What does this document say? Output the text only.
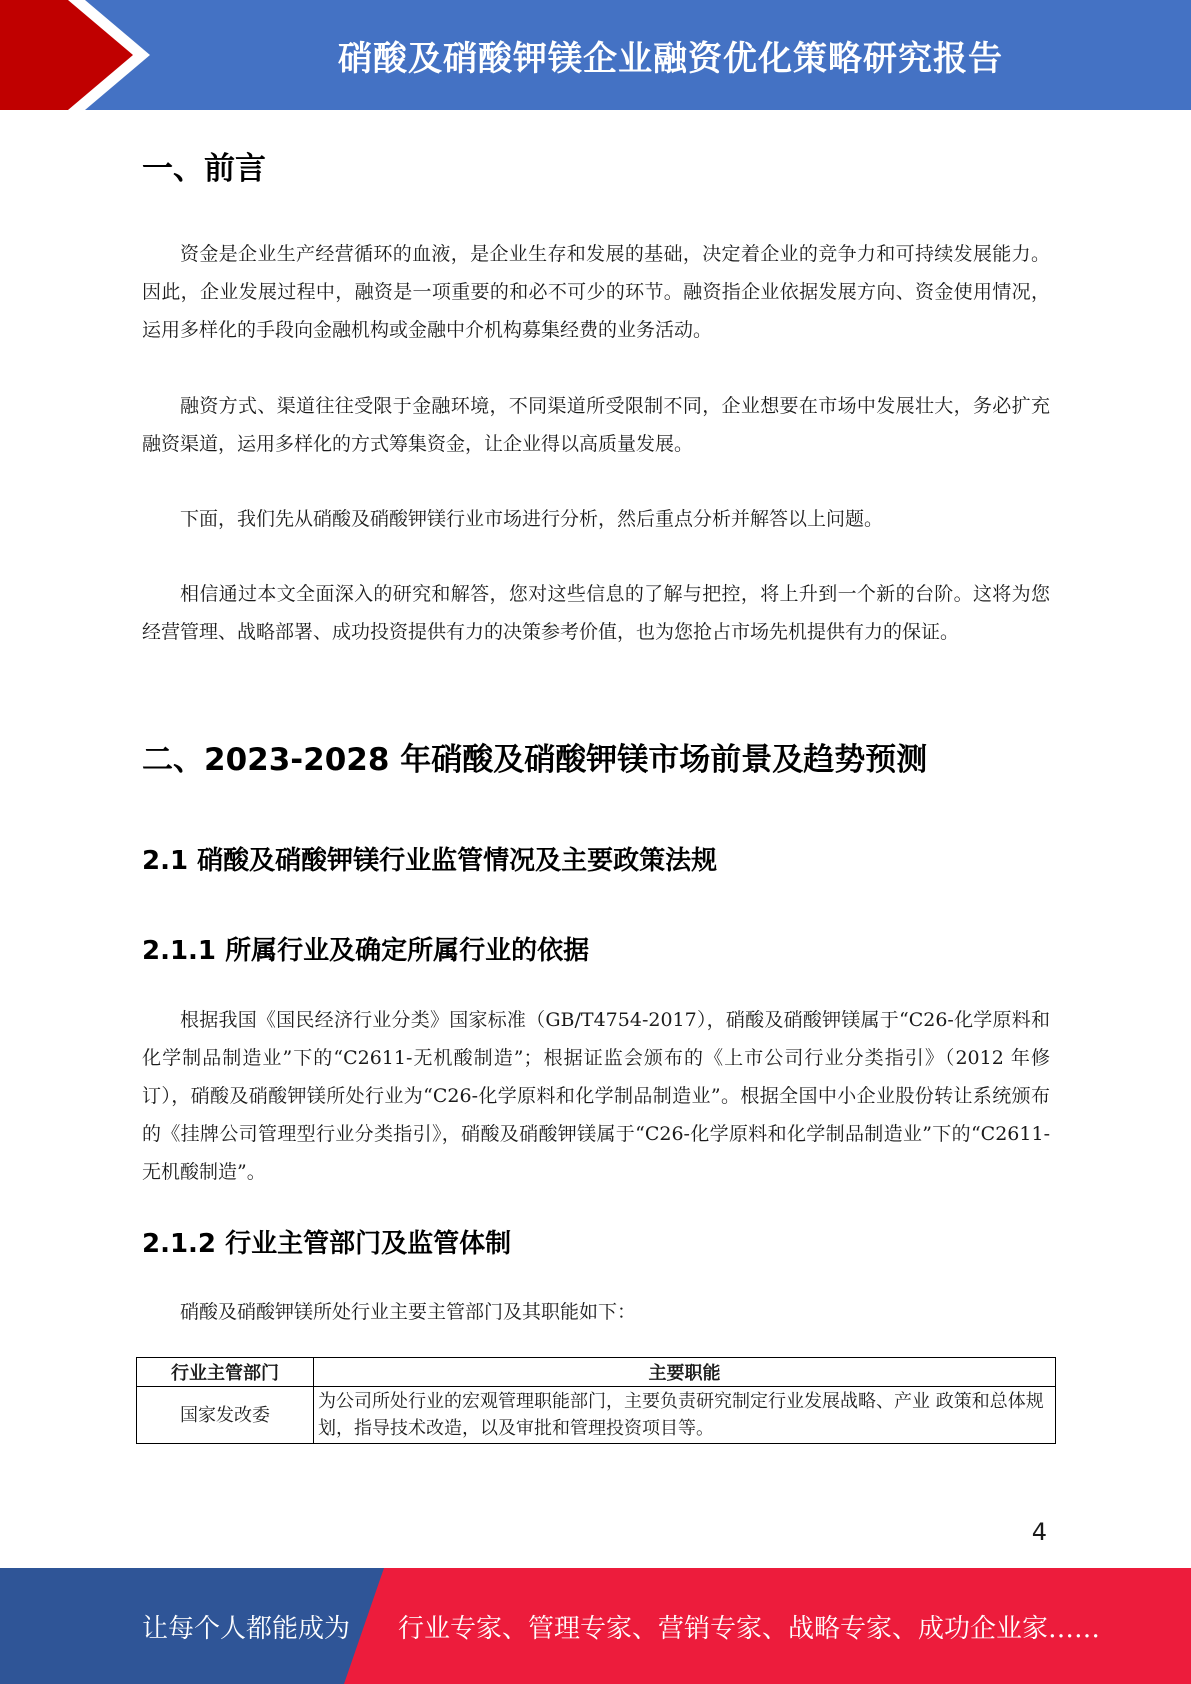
硝酸及硝酸钾镁企业融资优化策略研究报告
一、前言

资金是企业生产经营循环的血液，是企业生存和发展的基础，决定着企业的竞争力和可持续发展能力。因此，企业发展过程中，融资是一项重要的和必不可少的环节。融资指企业依据发展方向、资金使用情况，运用多样化的手段向金融机构或金融中介机构募集经费的业务活动。

融资方式、渠道往往受限于金融环境，不同渠道所受限制不同，企业想要在市场中发展壮大，务必扩充融资渠道，运用多样化的方式筹集资金，让企业得以高质量发展。

下面，我们先从硝酸及硝酸钾镁行业市场进行分析，然后重点分析并解答以上问题。

相信通过本文全面深入的研究和解答，您对这些信息的了解与把控，将上升到一个新的台阶。这将为您经营管理、战略部署、成功投资提供有力的决策参考价值，也为您抢占市场先机提供有力的保证。

二、2023-2028 年硝酸及硝酸钾镁市场前景及趋势预测
2.1 硝酸及硝酸钾镁行业监管情况及主要政策法规
2.1.1 所属行业及确定所属行业的依据

根据我国《国民经济行业分类》国家标准（GB/T4754-2017），硝酸及硝酸钾镁属于“C26-化学原料和化学制品制造业”下的“C2611-无机酸制造”；根据证监会颁布的《上市公司行业分类指引》（2012 年修订），硝酸及硝酸钾镁所处行业为“C26-化学原料和化学制品制造业”。根据全国中小企业股份转让系统颁布的《挂牌公司管理型行业分类指引》，硝酸及硝酸钾镁属于“C26-化学原料和化学制品制造业”下的“C2611-无机酸制造”。

2.1.2 行业主管部门及监管体制

硝酸及硝酸钾镁所处行业主要主管部门及其职能如下：

行业主管部门	主要职能
国家发改委	为公司所处行业的宏观管理职能部门，主要负责研究制定行业发展战略、产业 政策和总体规划，指导技术改造，以及审批和管理投资项目等。
4
让每个人都能成为 行业专家、管理专家、营销专家、战略专家、成功企业家……
